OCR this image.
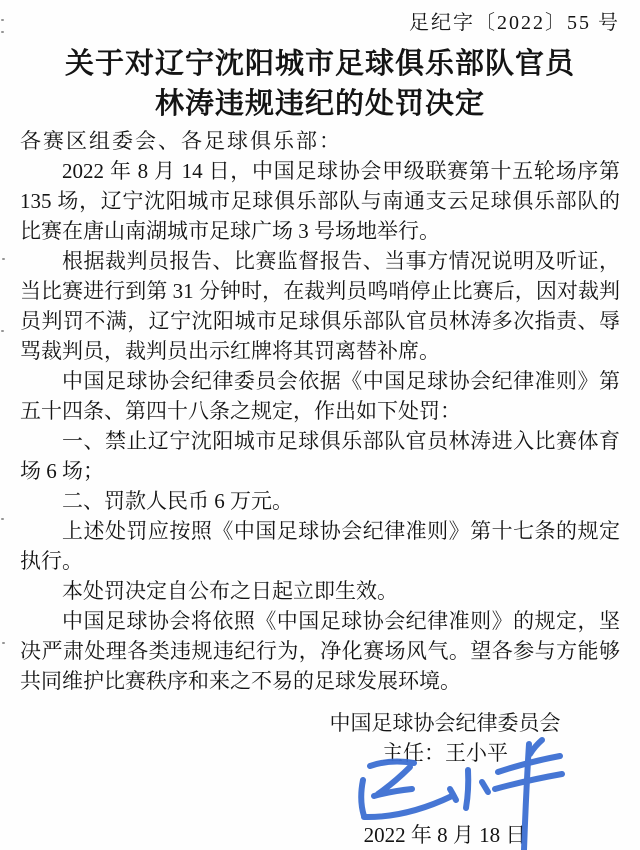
足纪字〔2022〕55 号
关于对辽宁沈阳城市足球俱乐部队官员
林涛违规违纪的处罚决定
各赛区组委会、各足球俱乐部：

2022 年 8 月 14 日，中国足球协会甲级联赛第十五轮场序第 135 场，辽宁沈阳城市足球俱乐部队与南通支云足球俱乐部队的比赛在唐山南湖城市足球广场 3 号场地举行。

根据裁判员报告、比赛监督报告、当事方情况说明及听证，当比赛进行到第 31 分钟时，在裁判员鸣哨停止比赛后，因对裁判员判罚不满，辽宁沈阳城市足球俱乐部队官员林涛多次指责、辱骂裁判员，裁判员出示红牌将其罚离替补席。

中国足球协会纪律委员会依据《中国足球协会纪律准则》第五十四条、第四十八条之规定，作出如下处罚：

一、禁止辽宁沈阳城市足球俱乐部队官员林涛进入比赛体育场 6 场；

二、罚款人民币 6 万元。

上述处罚应按照《中国足球协会纪律准则》第十七条的规定执行。

本处罚决定自公布之日起立即生效。

中国足球协会将依照《中国足球协会纪律准则》的规定，坚决严肃处理各类违规违纪行为，净化赛场风气。望各参与方能够共同维护比赛秩序和来之不易的足球发展环境。

中国足球协会纪律委员会
主任：王小平
2022 年 8 月 18 日
